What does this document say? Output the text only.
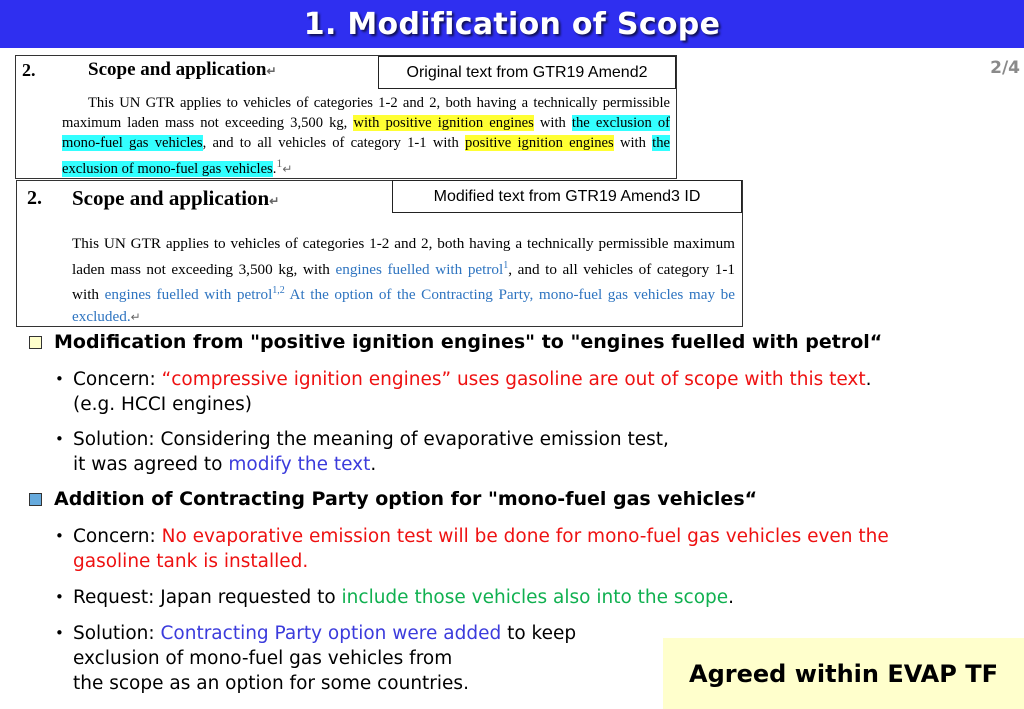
1. Modification of Scope
2/4
2.	Scope and application↵
This UN GTR applies to vehicles of categories 1-2 and 2, both having a technically permissible maximum laden mass not exceeding 3,500 kg, with positive ignition engines with the exclusion of mono-fuel gas vehicles, and to all vehicles of category 1-1 with positive ignition engines with the exclusion of mono-fuel gas vehicles.$^1$↵
Original text from GTR19 Amend2
2. Scope and application↵
This UN GTR applies to vehicles of categories 1-2 and 2, both having a technically permissible maximum laden mass not exceeding 3,500 kg, with engines fuelled with petrol$^1$, and to all vehicles of category 1-1 with engines fuelled with petrol$^{1,2}$ At the option of the Contracting Party, mono-fuel gas vehicles may be excluded.↵
Modified text from GTR19 Amend3 ID
Modification from "positive ignition engines" to "engines fuelled with petrol“
• Concern: “compressive ignition engines” uses gasoline are out of scope with this text.
(e.g. HCCI engines)
• Solution: Considering the meaning of evaporative emission test,
it was agreed to modify the text.
Addition of Contracting Party option for "mono-fuel gas vehicles“
• Concern: No evaporative emission test will be done for mono-fuel gas vehicles even the
gasoline tank is installed.
• Request: Japan requested to include those vehicles also into the scope.
• Solution: Contracting Party option were added to keep
exclusion of mono-fuel gas vehicles from
the scope as an option for some countries.	Agreed within EVAP TF
